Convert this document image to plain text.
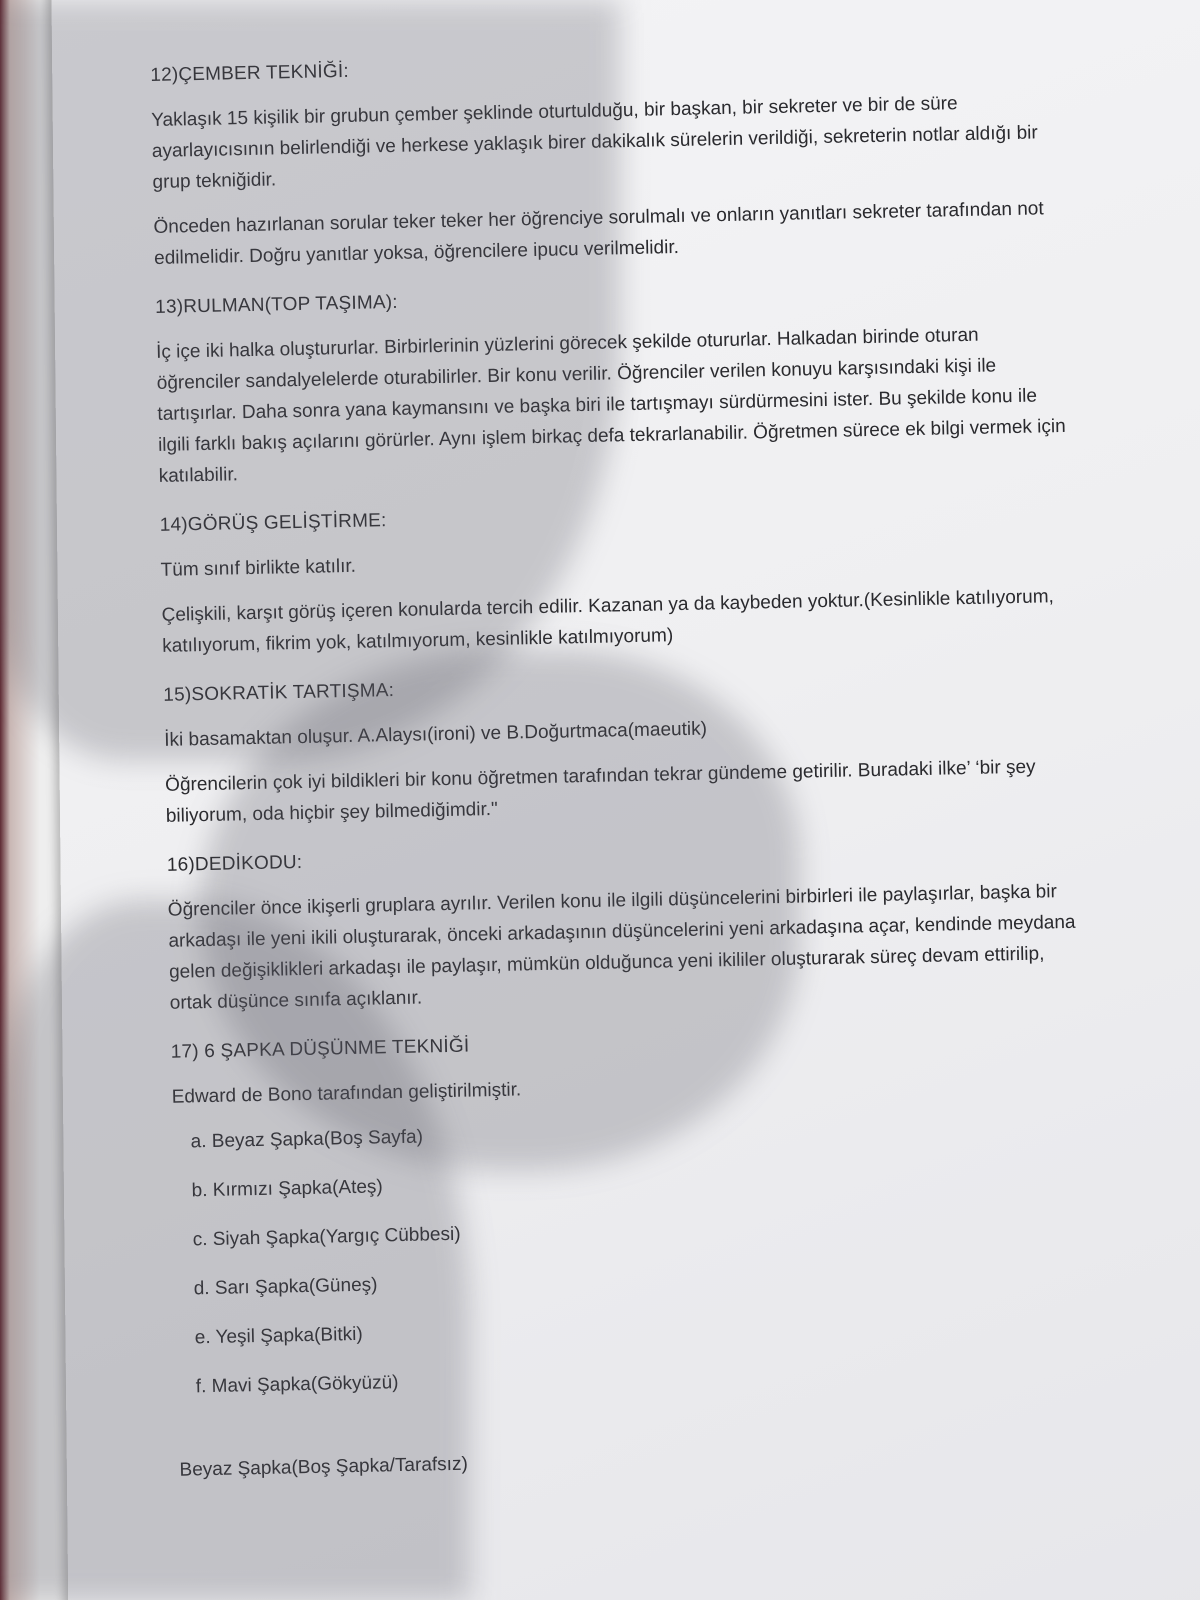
12)ÇEMBER TEKNİĞİ:

Yaklaşık 15 kişilik bir grubun çember şeklinde oturtulduğu, bir başkan, bir sekreter ve bir de süre ayarlayıcısının belirlendiği ve herkese yaklaşık birer dakikalık sürelerin verildiği, sekreterin notlar aldığı bir grup tekniğidir.

Önceden hazırlanan sorular teker teker her öğrenciye sorulmalı ve onların yanıtları sekreter tarafından not edilmelidir. Doğru yanıtlar yoksa, öğrencilere ipucu verilmelidir.

13)RULMAN(TOP TAŞIMA):

İç içe iki halka oluştururlar. Birbirlerinin yüzlerini görecek şekilde otururlar. Halkadan birinde oturan öğrenciler sandalyelelerde oturabilirler. Bir konu verilir. Öğrenciler verilen konuyu karşısındaki kişi ile tartışırlar. Daha sonra yana kaymansını ve başka biri ile tartışmayı sürdürmesini ister. Bu şekilde konu ile ilgili farklı bakış açılarını görürler. Aynı işlem birkaç defa tekrarlanabilir. Öğretmen sürece ek bilgi vermek için katılabilir.

14)GÖRÜŞ GELİŞTİRME:

Tüm sınıf birlikte katılır.

Çelişkili, karşıt görüş içeren konularda tercih edilir. Kazanan ya da kaybeden yoktur.(Kesinlikle katılıyorum, katılıyorum, fikrim yok, katılmıyorum, kesinlikle katılmıyorum)

15)SOKRATİK TARTIŞMA:

İki basamaktan oluşur. A.Alaysı(ironi) ve B.Doğurtmaca(maeutik)

Öğrencilerin çok iyi bildikleri bir konu öğretmen tarafından tekrar gündeme getirilir. Buradaki ilke’ ‘bir şey biliyorum, oda hiçbir şey bilmediğimdir."

16)DEDİKODU:

Öğrenciler önce ikişerli gruplara ayrılır. Verilen konu ile ilgili düşüncelerini birbirleri ile paylaşırlar, başka bir arkadaşı ile yeni ikili oluşturarak, önceki arkadaşının düşüncelerini yeni arkadaşına açar, kendinde meydana gelen değişiklikleri arkadaşı ile paylaşır, mümkün olduğunca yeni ikililer oluşturarak süreç devam ettirilip, ortak düşünce sınıfa açıklanır.

17) 6 ŞAPKA DÜŞÜNME TEKNİĞİ

Edward de Bono tarafından geliştirilmiştir.

a. Beyaz Şapka(Boş Sayfa)
b. Kırmızı Şapka(Ateş)
c. Siyah Şapka(Yargıç Cübbesi)
d. Sarı Şapka(Güneş)
e. Yeşil Şapka(Bitki)
f. Mavi Şapka(Gökyüzü)

Beyaz Şapka(Boş Şapka/Tarafsız)
